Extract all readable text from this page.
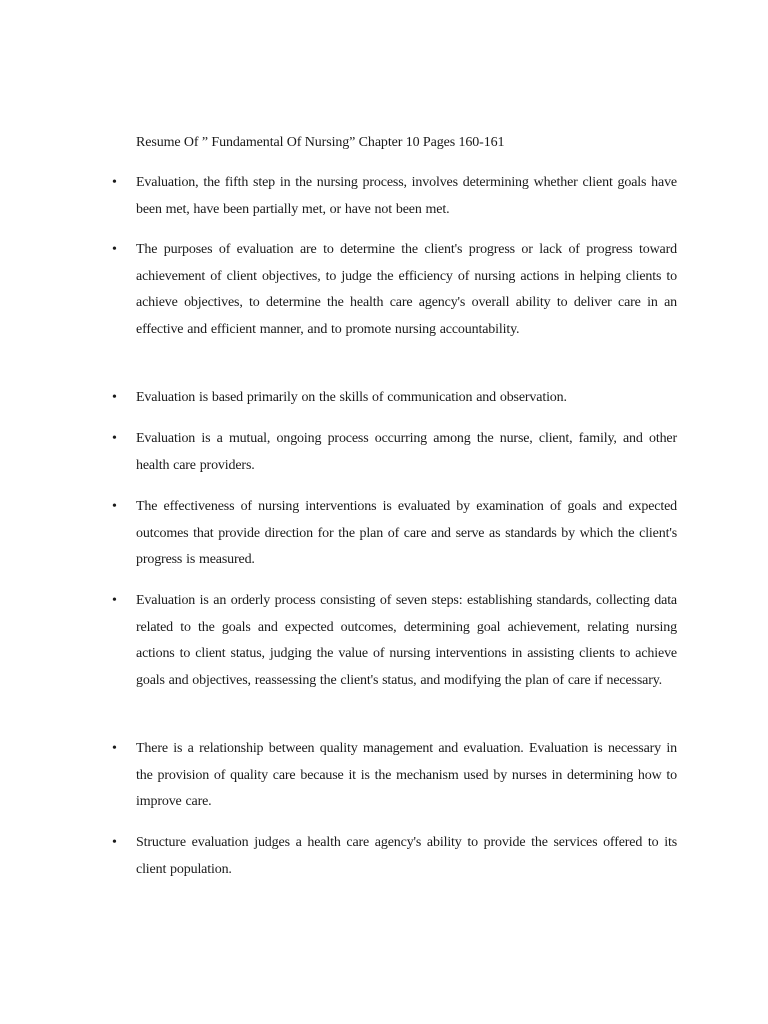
Resume Of ” Fundamental Of Nursing” Chapter 10 Pages 160-161
• Evaluation, the fifth step in the nursing process, involves determining whether client goals have been met, have been partially met, or have not been met.
• The purposes of evaluation are to determine the client's progress or lack of progress toward achievement of client objectives, to judge the efficiency of nursing actions in helping clients to achieve objectives, to determine the health care agency's overall ability to deliver care in an effective and efficient manner, and to promote nursing accountability.
• Evaluation is based primarily on the skills of communication and observation.
• Evaluation is a mutual, ongoing process occurring among the nurse, client, family, and other health care providers.
• The effectiveness of nursing interventions is evaluated by examination of goals and expected outcomes that provide direction for the plan of care and serve as standards by which the client's progress is measured.
• Evaluation is an orderly process consisting of seven steps: establishing standards, collecting data related to the goals and expected outcomes, determining goal achievement, relating nursing actions to client status, judging the value of nursing interventions in assisting clients to achieve goals and objectives, reassessing the client's status, and modifying the plan of care if necessary.
• There is a relationship between quality management and evaluation. Evaluation is necessary in the provision of quality care because it is the mechanism used by nurses in determining how to improve care.
• Structure evaluation judges a health care agency's ability to provide the services offered to its client population.
